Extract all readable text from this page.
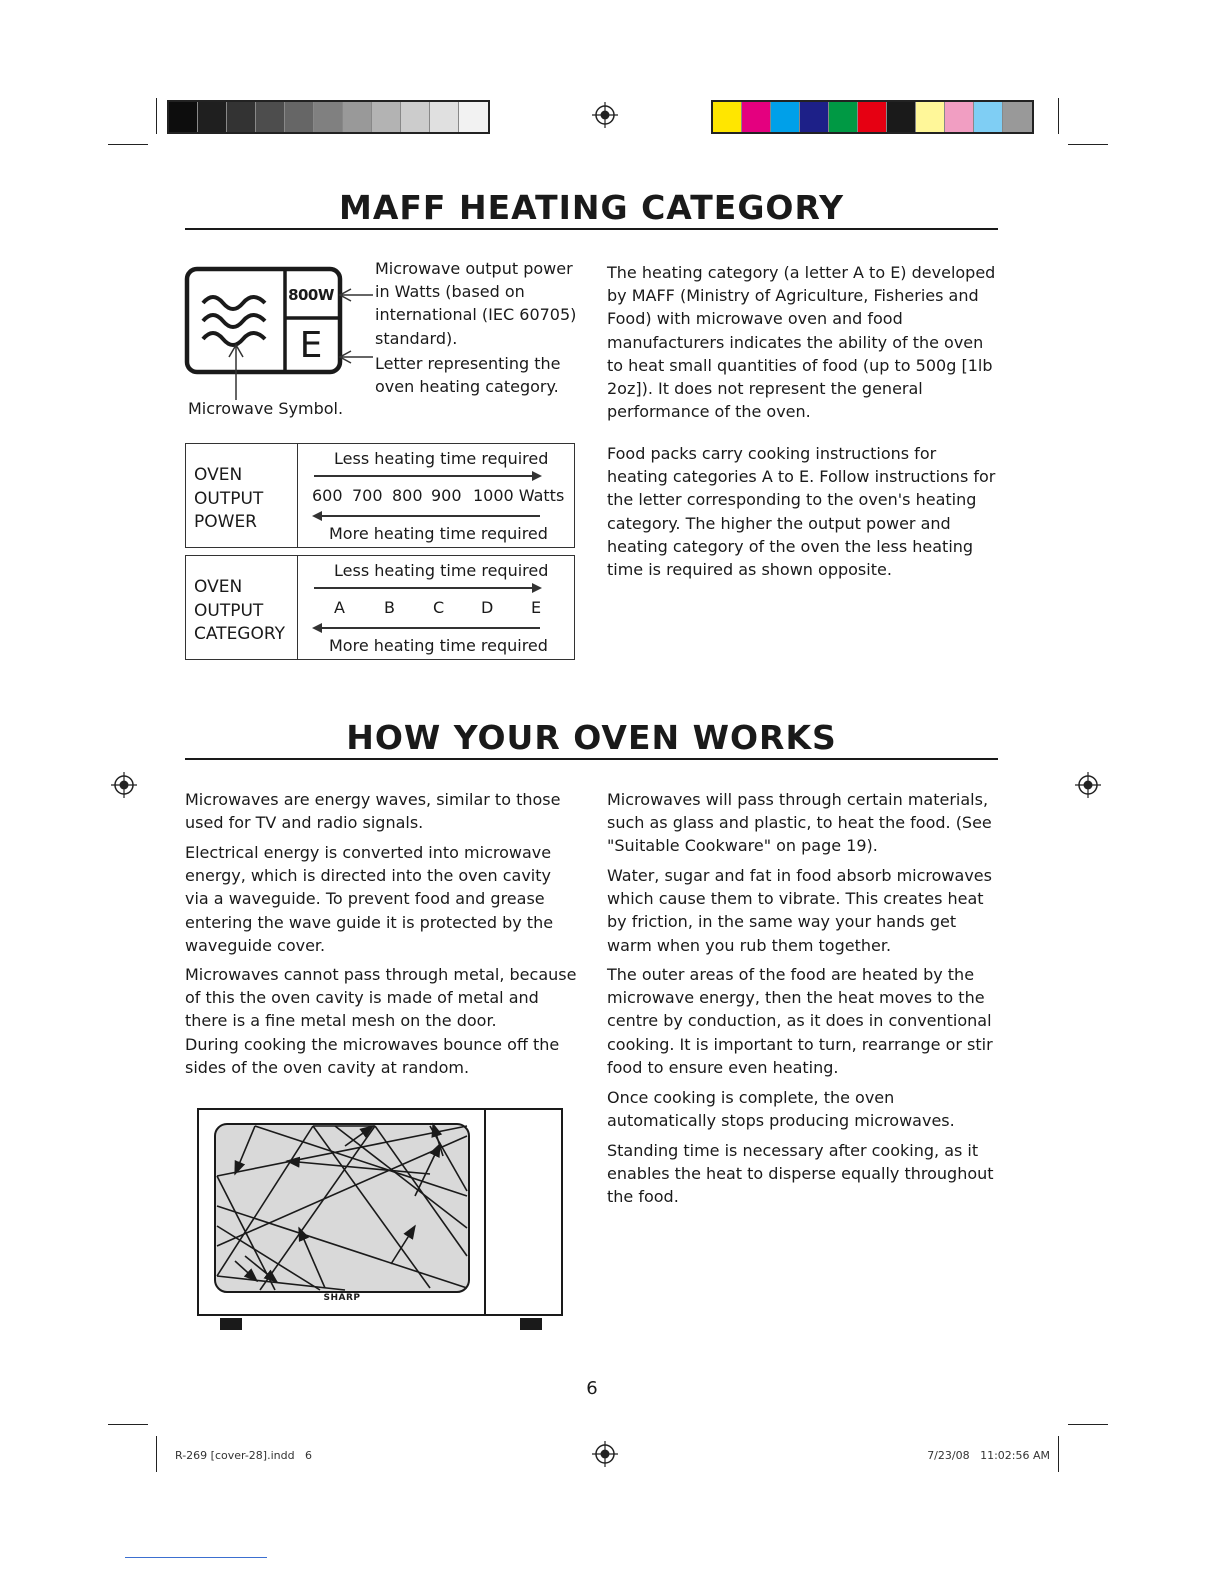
MAFF HEATING CATEGORY
800W
E

Microwave output power in Watts (based on international (IEC 60705) standard).

Letter representing the oven heating category.

Microwave Symbol.

OVEN
OUTPUT
POWER
Less heating time required
600 700 800 900 1000 Watts
More heating time required
OVEN
OUTPUT
CATEGORY
Less heating time required
A B C D E
More heating time required

The heating category (a letter A to E) developed by MAFF (Ministry of Agriculture, Fisheries and Food) with microwave oven and food manufacturers indicates the ability of the oven to heat small quantities of food (up to 500g [1lb 2oz]). It does not represent the general performance of the oven.

Food packs carry cooking instructions for heating categories A to E. Follow instructions for the letter corresponding to the oven's heating category. The higher the output power and heating category of the oven the less heating time is required as shown opposite.

HOW YOUR OVEN WORKS

Microwaves are energy waves, similar to those used for TV and radio signals.

Electrical energy is converted into microwave energy, which is directed into the oven cavity via a waveguide. To prevent food and grease entering the wave guide it is protected by the waveguide cover.

Microwaves cannot pass through metal, because of this the oven cavity is made of metal and there is a fine metal mesh on the door.

During cooking the microwaves bounce off the sides of the oven cavity at random.

Microwaves will pass through certain materials, such as glass and plastic, to heat the food. (See "Suitable Cookware" on page 19).

Water, sugar and fat in food absorb microwaves which cause them to vibrate. This creates heat by friction, in the same way your hands get warm when you rub them together.

The outer areas of the food are heated by the microwave energy, then the heat moves to the centre by conduction, as it does in conventional cooking. It is important to turn, rearrange or stir food to ensure even heating.

Once cooking is complete, the oven automatically stops producing microwaves.

Standing time is necessary after cooking, as it enables the heat to disperse equally throughout the food.

SHARP
6
R-269 [cover-28].indd   6	7/23/08   11:02:56 AM
